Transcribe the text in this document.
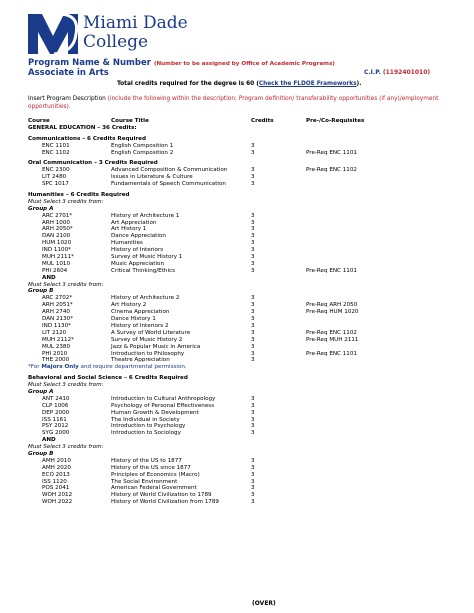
Miami Dade
College
Program Name & Number (Number to be assigned by Office of Academic Programs)
Associate in Arts	C.I.P. (1192401010)
Total credits required for the degree is 60 (Check the FLDOE Frameworks).
Insert Program Description (include the following within the description: Program definition/ transferability opportunities (if any)/employment opportunities).
Course	Course Title	Credits	Pre-/Co-Requisites
GENERAL EDUCATION – 36 Credits:
Communications – 6 Credits Required
ENC 1101	English Composition 1	3
ENC 1102	English Composition 2	3	Pre-Req ENC 1101
Oral Communication – 3 Credits Required
ENC 2300	Advanced Composition & Communication	3	Pre-Req ENC 1102
LIT 2480	Issues in Literature & Culture	3
SPC 1017	Fundamentals of Speech Communication	3
Humanities – 6 Credits Required
Must Select 3 credits from:
Group A
ARC 2701*	History of Architecture 1	3
ARH 1000	Art Appreciation	3
ARH 2050*	Art History 1	3
DAN 2100	Dance Appreciation	3
HUM 1020	Humanities	3
IND 1100*	History of Interiors	3
MUH 2111*	Survey of Music History 1	3
MUL 1010	Music Appreciation	3
PHI 2604	Critical Thinking/Ethics	3	Pre-Req ENC 1101
AND
Must Select 3 credits from:
Group B
ARC 2702*	History of Architecture 2	3
ARH 2051*	Art History 2	3	Pre-Req ARH 2050
ARH 2740	Cinema Appreciation	3	Pre-Req HUM 1020
DAN 2130*	Dance History 1	3
IND 1130*	History of Interiors 2	3
LIT 2120	A Survey of World Literature	3	Pre-Req ENC 1102
MUH 2112*	Survey of Music History 2	3	Pre-Req MUH 2111
MUL 2380	Jazz & Popular Music in America	3
PHI 2010	Introduction to Philosophy	3	Pre-Req ENC 1101
THE 2000	Theatre Appreciation	3
*For Majors Only and require departmental permission.
Behavioral and Social Science – 6 Credits Required
Must Select 3 credits from:
Group A
ANT 2410	Introduction to Cultural Anthropology	3
CLP 1006	Psychology of Personal Effectiveness	3
DEP 2000	Human Growth & Development	3
ISS 1161	The Individual in Society	3
PSY 2012	Introduction to Psychology	3
SYG 2000	Introduction to Sociology	3
AND
Must Select 3 credits from:
Group B
AMH 2010	History of the US to 1877	3
AMH 2020	History of the US since 1877	3
ECO 2013	Principles of Economics (Macro)	3
ISS 1120	The Social Environment	3
POS 2041	American Federal Government	3
WOH 2012	History of World Civilization to 1789	3
WOH 2022	History of World Civilization from 1789	3
(OVER)
